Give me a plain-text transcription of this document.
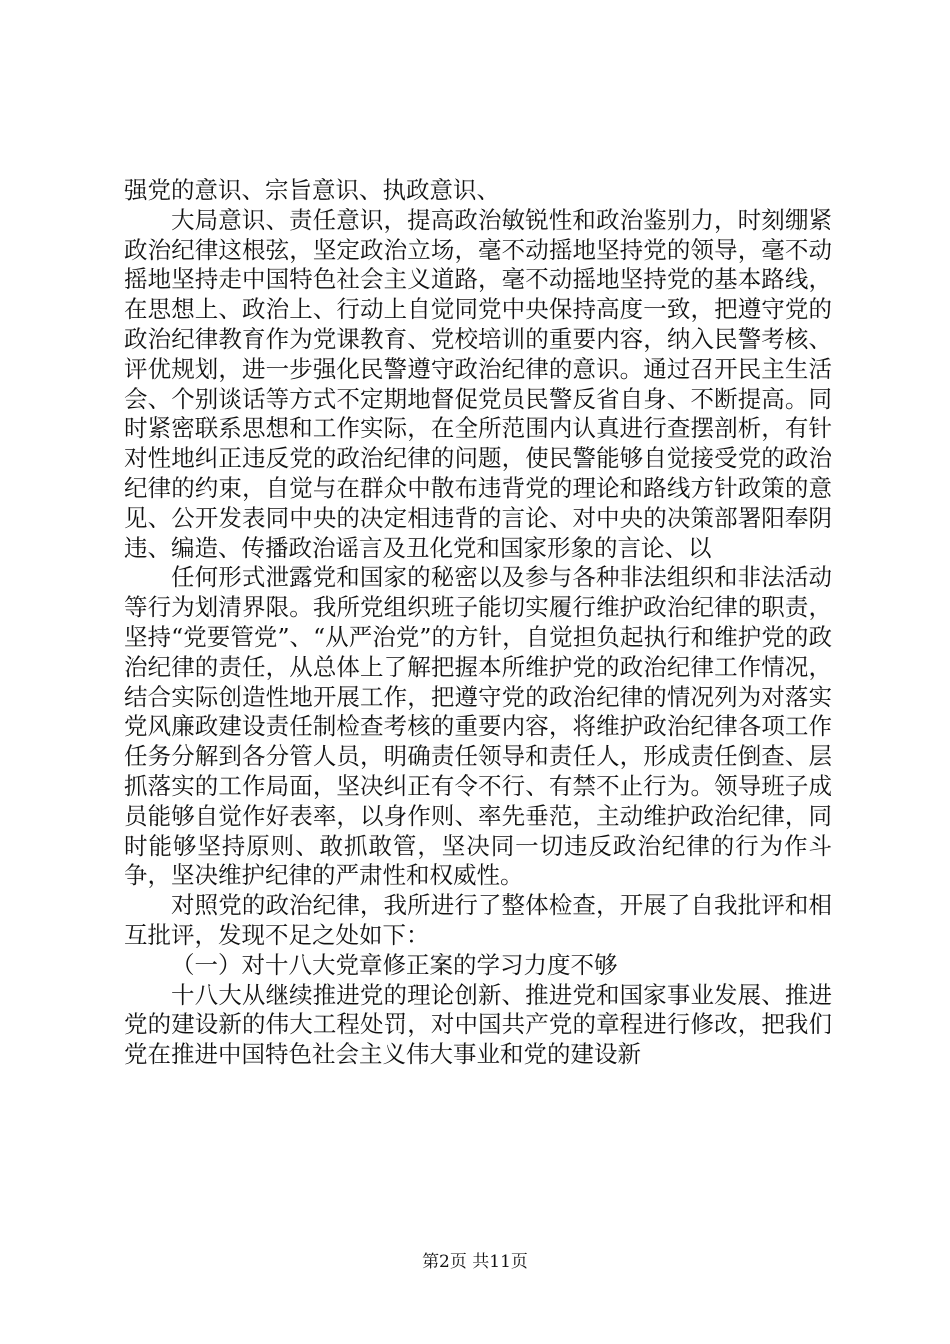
强党的意识、宗旨意识、执政意识、

大局意识、责任意识，提高政治敏锐性和政治鉴别力，时刻绷紧政治纪律这根弦，坚定政治立场，毫不动摇地坚持党的领导，毫不动摇地坚持走中国特色社会主义道路，毫不动摇地坚持党的基本路线，在思想上、政治上、行动上自觉同党中央保持高度一致，把遵守党的政治纪律教育作为党课教育、党校培训的重要内容，纳入民警考核、评优规划，进一步强化民警遵守政治纪律的意识。通过召开民主生活会、个别谈话等方式不定期地督促党员民警反省自身、不断提高。同时紧密联系思想和工作实际，在全所范围内认真进行查摆剖析，有针对性地纠正违反党的政治纪律的问题，使民警能够自觉接受党的政治纪律的约束，自觉与在群众中散布违背党的理论和路线方针政策的意见、公开发表同中央的决定相违背的言论、对中央的决策部署阳奉阴违、编造、传播政治谣言及丑化党和国家形象的言论、以

任何形式泄露党和国家的秘密以及参与各种非法组织和非法活动等行为划清界限。我所党组织班子能切实履行维护政治纪律的职责，坚持“党要管党”、“从严治党”的方针，自觉担负起执行和维护党的政治纪律的责任，从总体上了解把握本所维护党的政治纪律工作情况，结合实际创造性地开展工作，把遵守党的政治纪律的情况列为对落实党风廉政建设责任制检查考核的重要内容，将维护政治纪律各项工作任务分解到各分管人员，明确责任领导和责任人，形成责任倒查、层抓落实的工作局面，坚决纠正有令不行、有禁不止行为。领导班子成员能够自觉作好表率，以身作则、率先垂范，主动维护政治纪律，同时能够坚持原则、敢抓敢管，坚决同一切违反政治纪律的行为作斗争，坚决维护纪律的严肃性和权威性。

对照党的政治纪律，我所进行了整体检查，开展了自我批评和相互批评，发现不足之处如下：

（一）对十八大党章修正案的学习力度不够

十八大从继续推进党的理论创新、推进党和国家事业发展、推进党的建设新的伟大工程处罚，对中国共产党的章程进行修改，把我们党在推进中国特色社会主义伟大事业和党的建设新

第2页 共11页
